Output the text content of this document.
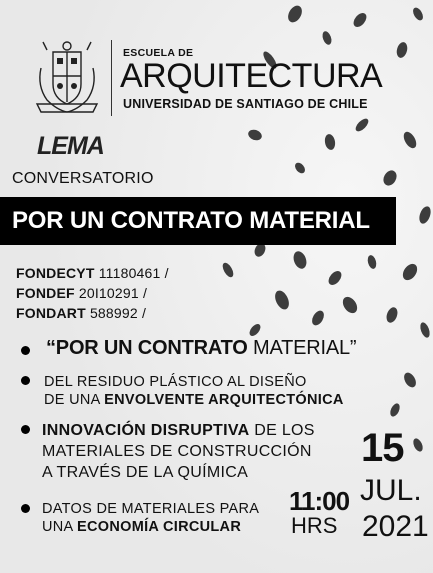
ESCUELA DE
ARQUITECTURA
UNIVERSIDAD DE SANTIAGO DE CHILE
LEMA
CONVERSATORIO
POR UN CONTRATO MATERIAL
FONDECYT 11180461 /
FONDEF 20I10291 /
FONDART 588992 /
“POR UN CONTRATO MATERIAL”
DEL RESIDUO PLÁSTICO AL DISEÑO
DE UNA ENVOLVENTE ARQUITECTÓNICA
INNOVACIÓN DISRUPTIVA DE LOS
MATERIALES DE CONSTRUCCIÓN
A TRAVÉS DE LA QUÍMICA
DATOS DE MATERIALES PARA
UNA ECONOMÍA CIRCULAR
15
JUL.
2021
11:00
HRS
